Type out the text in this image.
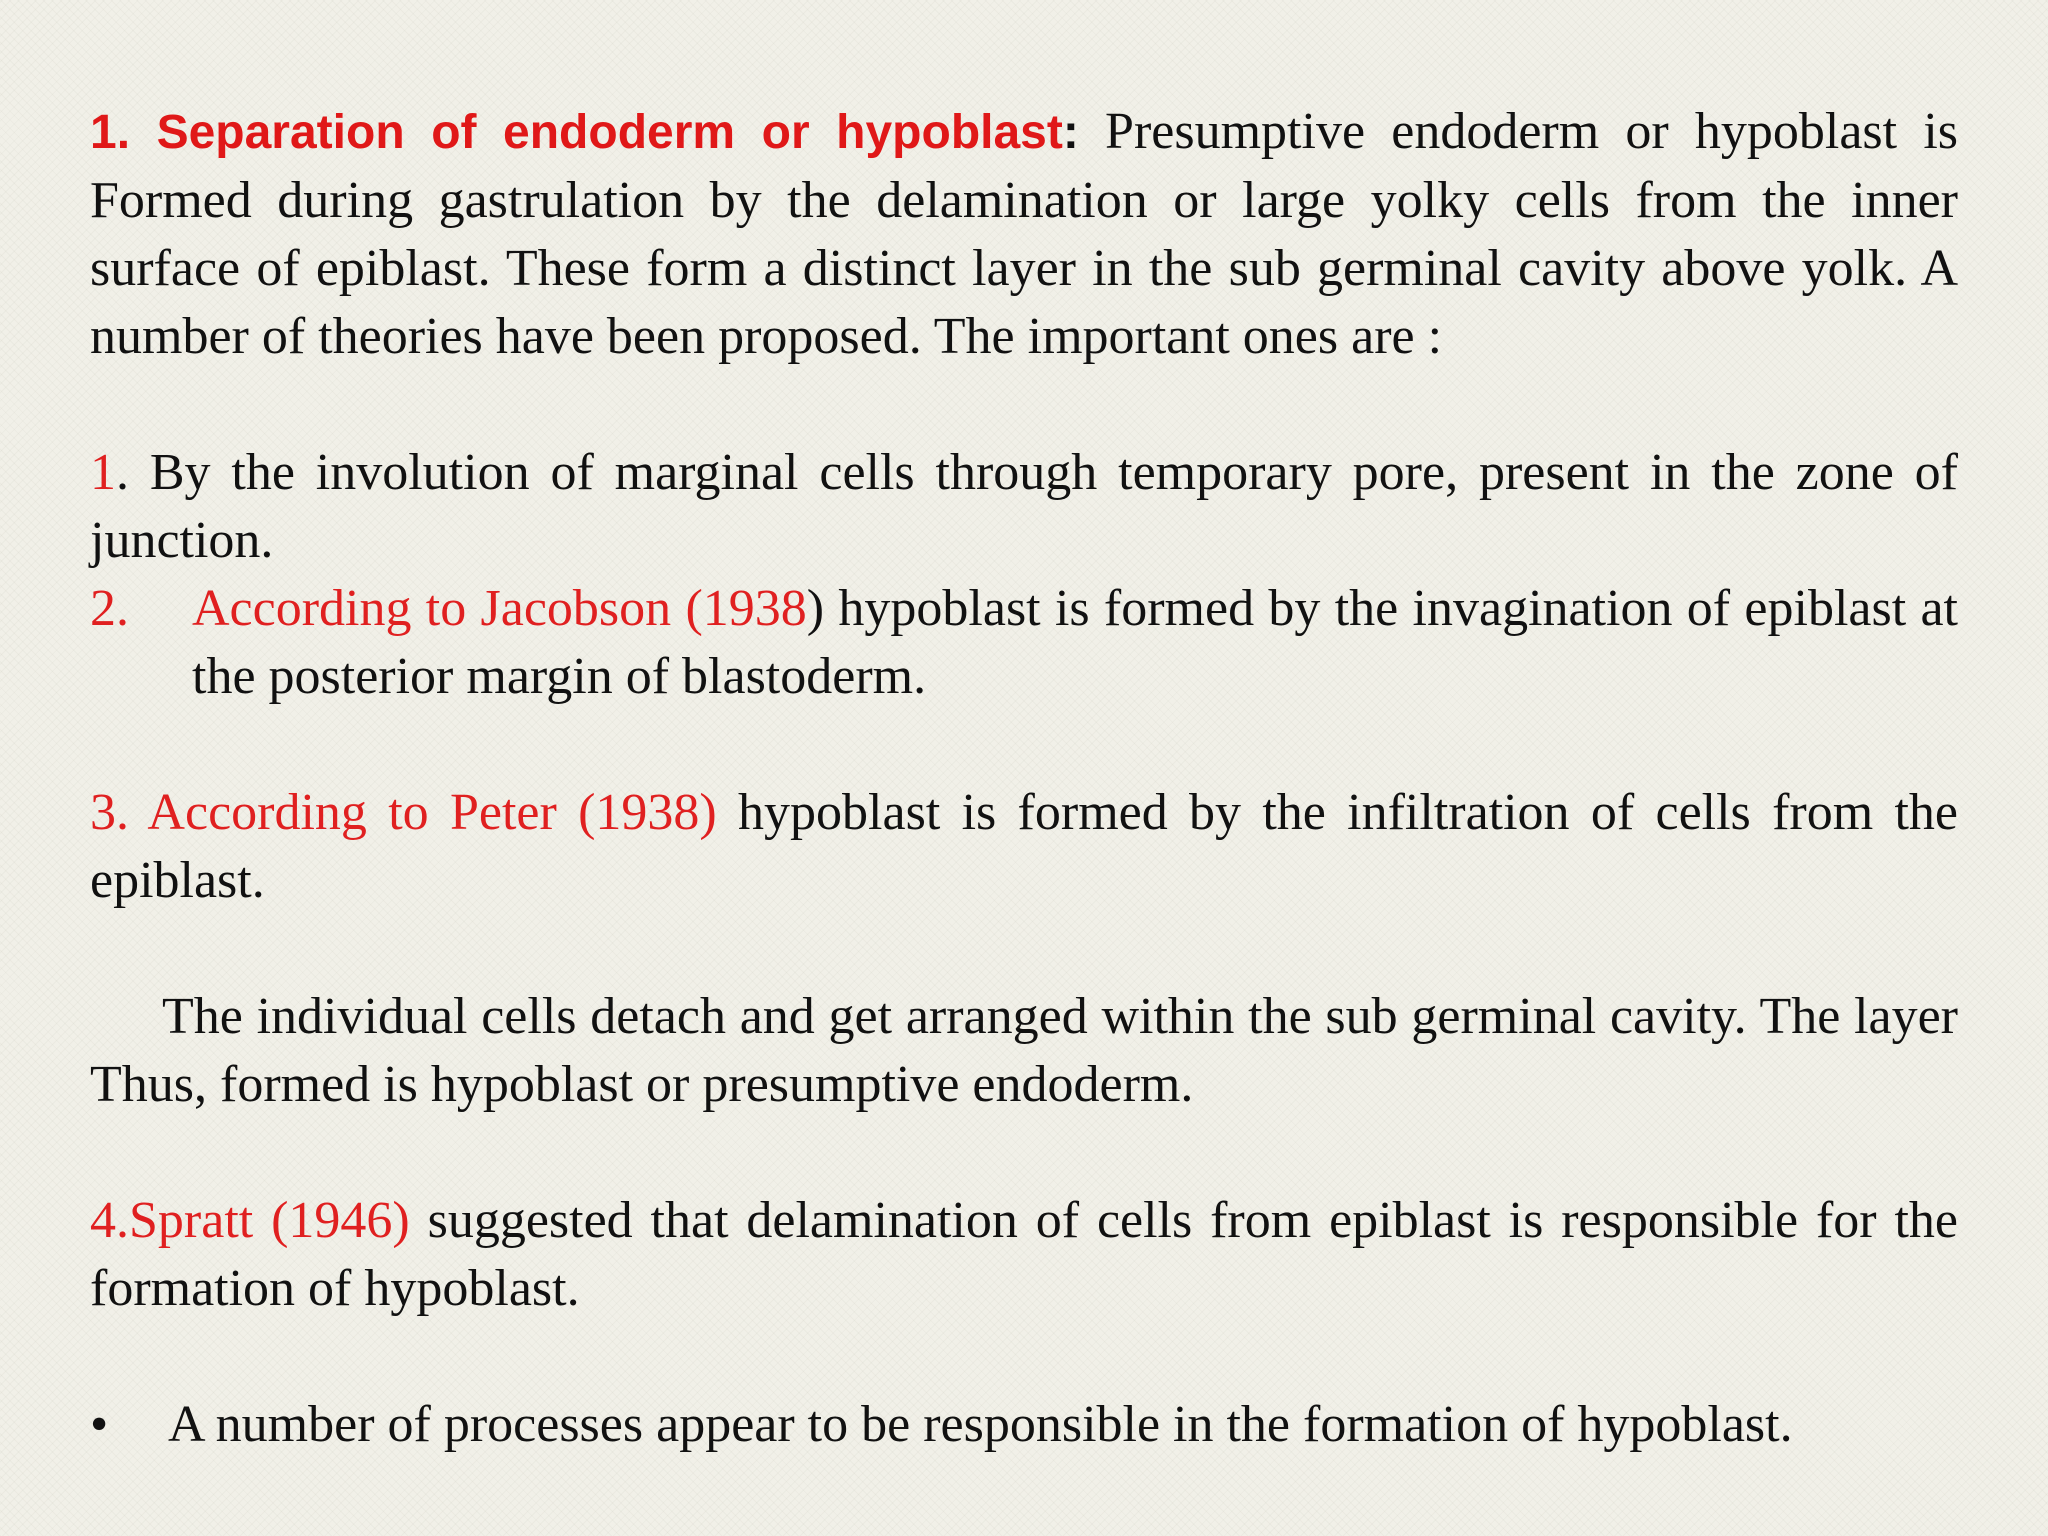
1. Separation of endoderm or hypoblast: Presumptive endoderm or hypoblast is Formed during gastrulation by the delamination or large yolky cells from the inner surface of epiblast. These form a distinct layer in the sub germinal cavity above yolk. A number of theories have been proposed. The important ones are :

1. By the involution of marginal cells through temporary pore, present in the zone of junction.

2.	According to Jacobson (1938) hypoblast is formed by the invagination of epiblast at the posterior margin of blastoderm.

3. According to Peter (1938) hypoblast is formed by the infiltration of cells from the epiblast.

The individual cells detach and get arranged within the sub germinal cavity. The layer Thus, formed is hypoblast or presumptive endoderm.

4.Spratt (1946) suggested that delamination of cells from epiblast is responsible for the formation of hypoblast.

•	A number of processes appear to be responsible in the formation of hypoblast.
